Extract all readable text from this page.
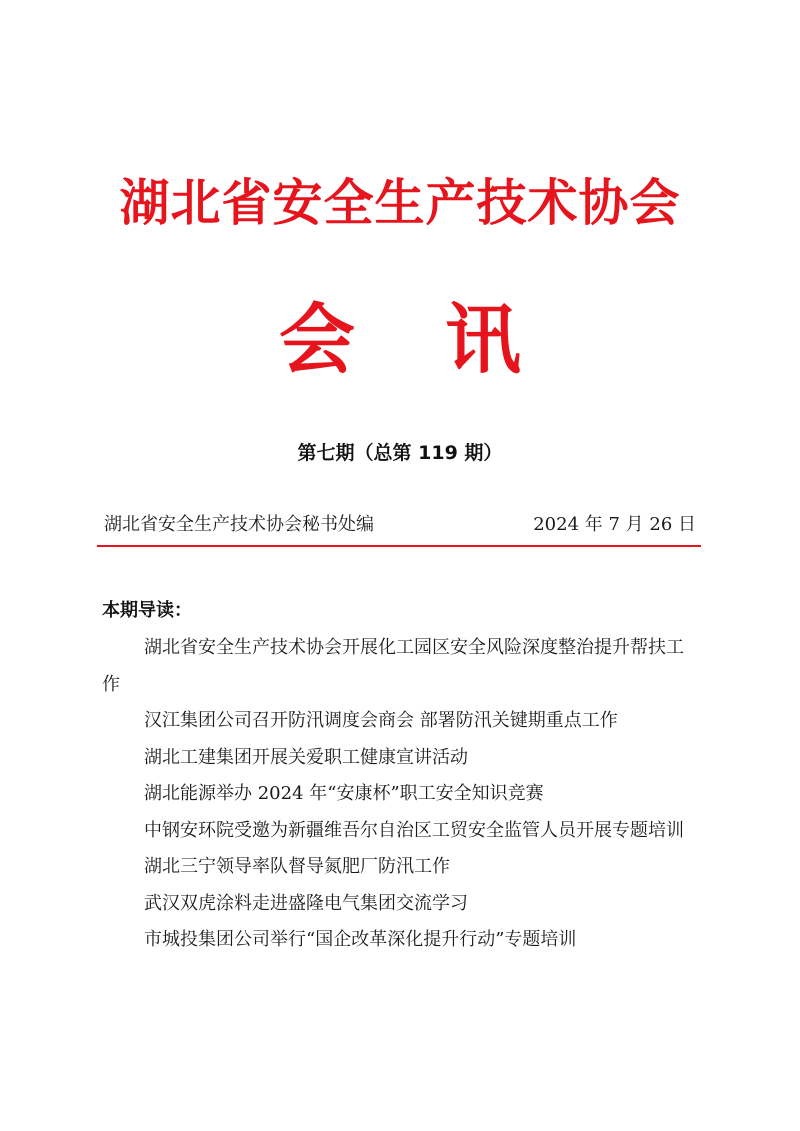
湖北省安全生产技术协会
会讯
第七期（总第 119 期）
湖北省安全生产技术协会秘书处编	2024 年 7 月 26 日
本期导读：
湖北省安全生产技术协会开展化工园区安全风险深度整治提升帮扶工作
汉江集团公司召开防汛调度会商会 部署防汛关键期重点工作
湖北工建集团开展关爱职工健康宣讲活动
湖北能源举办 2024 年“安康杯”职工安全知识竞赛
中钢安环院受邀为新疆维吾尔自治区工贸安全监管人员开展专题培训
湖北三宁领导率队督导氮肥厂防汛工作
武汉双虎涂料走进盛隆电气集团交流学习
市城投集团公司举行“国企改革深化提升行动”专题培训
